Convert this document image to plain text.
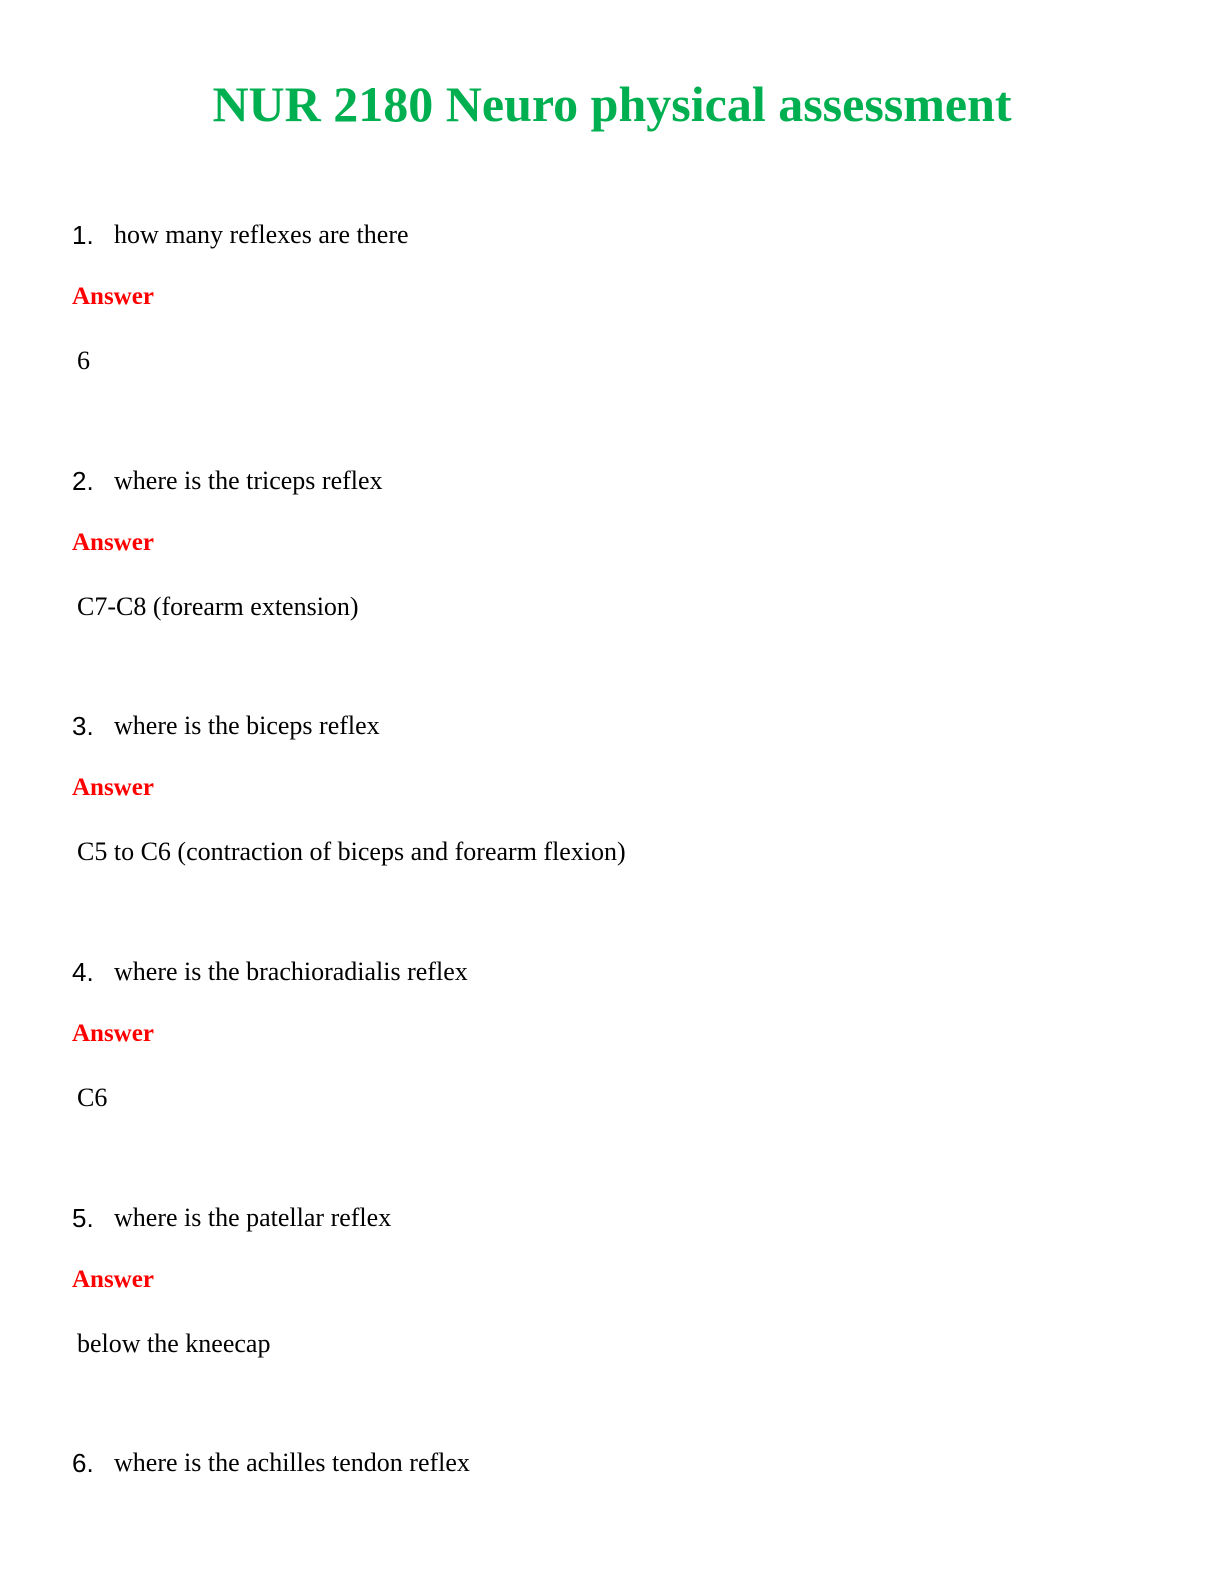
NUR 2180 Neuro physical assessment
1. how many reflexes are there
Answer
6
2. where is the triceps reflex
Answer
C7-C8 (forearm extension)
3. where is the biceps reflex
Answer
C5 to C6 (contraction of biceps and forearm flexion)
4. where is the brachioradialis reflex
Answer
C6
5. where is the patellar reflex
Answer
below the kneecap
6. where is the achilles tendon reflex
